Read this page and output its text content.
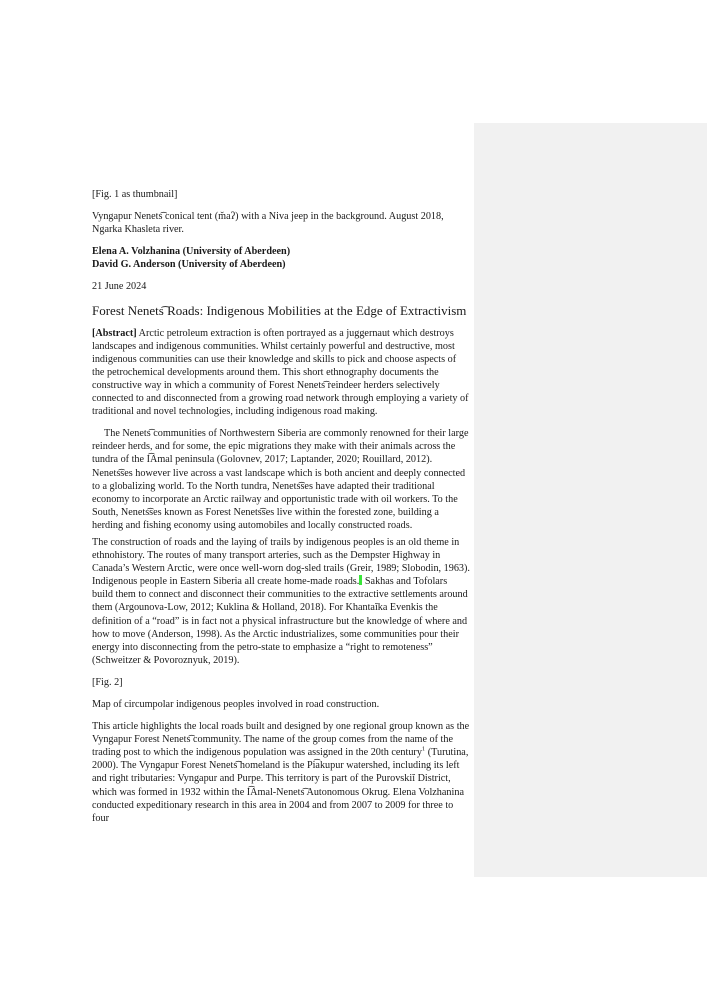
[Fig. 1 as thumbnail]

Vyngapur Nenets͡ conical tent (m̆aʔ) with a Niva jeep in the background. August 2018, Ngarka Khasleta river.

Elena A. Volzhanina (University of Aberdeen)
David G. Anderson (University of Aberdeen)

21 June 2024

Forest Nenets͡ Roads: Indigenous Mobilities at the Edge of Extractivism

[Abstract] Arctic petroleum extraction is often portrayed as a juggernaut which destroys landscapes and indigenous communities. Whilst certainly powerful and destructive, most indigenous communities can use their knowledge and skills to pick and choose aspects of the petrochemical developments around them. This short ethnography documents the constructive way in which a community of Forest Nenets͡ reindeer herders selectively connected to and disconnected from a growing road network through employing a variety of traditional and novel technologies, including indigenous road making.

The Nenets͡ communities of Northwestern Siberia are commonly renowned for their large reindeer herds, and for some, the epic migrations they make with their animals across the tundra of the I͡Amal peninsula (Golovnev, 2017; Laptander, 2020; Rouillard, 2012). Nenets͡ses however live across a vast landscape which is both ancient and deeply connected to a globalizing world. To the North tundra, Nenets͡ses have adapted their traditional economy to incorporate an Arctic railway and opportunistic trade with oil workers. To the South, Nenets͡ses known as Forest Nenets͡ses live within the forested zone, building a herding and fishing economy using automobiles and locally constructed roads.

The construction of roads and the laying of trails by indigenous peoples is an old theme in ethnohistory. The routes of many transport arteries, such as the Dempster Highway in Canada’s Western Arctic, were once well-worn dog-sled trails (Greir, 1989; Slobodin, 1963). Indigenous people in Eastern Siberia all create home-made roads. Sakhas and Tofolars build them to connect and disconnect their communities to the extractive settlements around them (Argounova-Low, 2012; Kuklina & Holland, 2018). For Khantaĭka Evenkis the definition of a “road” is in fact not a physical infrastructure but the knowledge of where and how to move (Anderson, 1998). As the Arctic industrializes, some communities pour their energy into disconnecting from the petro-state to emphasize a “right to remoteness” (Schweitzer & Povoroznyuk, 2019).

[Fig. 2]

Map of circumpolar indigenous peoples involved in road construction.

This article highlights the local roads built and designed by one regional group known as the Vyngapur Forest Nenets͡ community. The name of the group comes from the name of the trading post to which the indigenous population was assigned in the 20th century$^1$ (Turutina, 2000). The Vyngapur Forest Nenets͡ homeland is the Pi͡akupur watershed, including its left and right tributaries: Vyngapur and Purpe. This territory is part of the Purovskiĭ District, which was formed in 1932 within the I͡Amal-Nenets͡ Autonomous Okrug. Elena Volzhanina conducted expeditionary research in this area in 2004 and from 2007 to 2009 for three to four
